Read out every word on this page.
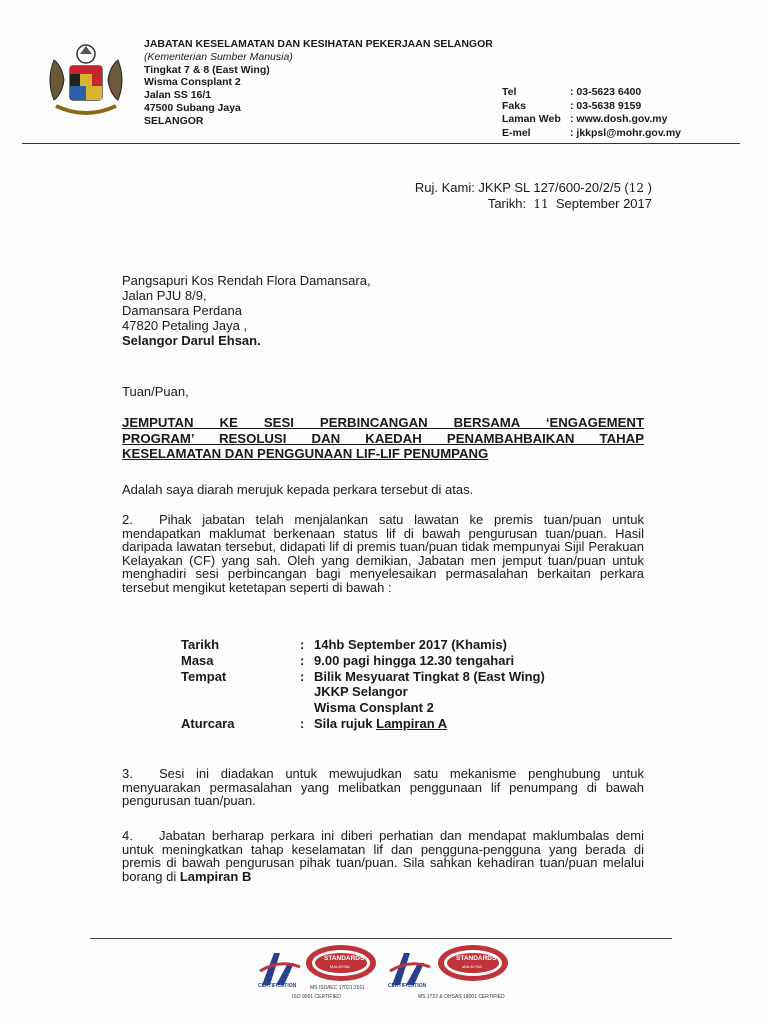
JABATAN KESELAMATAN DAN KESIHATAN PEKERJAAN SELANGOR
(Kementerian Sumber Manusia)
Tingkat 7 & 8 (East Wing)
Wisma Consplant 2
Jalan SS 16/1
47500 Subang Jaya
SELANGOR
Tel	: 03-5623 6400
Faks	: 03-5638 9159
Laman Web : www.dosh.gov.my
E-mel	: jkkpsl@mohr.gov.my
Ruj. Kami: JKKP SL 127/600-20/2/5 (12 )
Tarikh: 11 September 2017
Pangsapuri Kos Rendah Flora Damansara,
Jalan PJU 8/9,
Damansara Perdana
47820 Petaling Jaya ,
Selangor Darul Ehsan.
Tuan/Puan,
JEMPUTAN KE SESI PERBINCANGAN BERSAMA ‘ENGAGEMENT
PROGRAM’ RESOLUSI DAN KAEDAH PENAMBAHBAIKAN TAHAP
KESELAMATAN DAN PENGGUNAAN LIF-LIF PENUMPANG
Adalah saya diarah merujuk kepada perkara tersebut di atas.
2. Pihak jabatan telah menjalankan satu lawatan ke premis tuan/puan untuk mendapatkan maklumat berkenaan status lif di bawah pengurusan tuan/puan. Hasil daripada lawatan tersebut, didapati lif di premis tuan/puan tidak mempunyai Sijil Perakuan Kelayakan (CF) yang sah. Oleh yang demikian, Jabatan men jemput tuan/puan untuk menghadiri sesi perbincangan bagi menyelesaikan permasalahan berkaitan perkara tersebut mengikut ketetapan seperti di bawah :
Tarikh	: 14hb September 2017 (Khamis)
Masa	: 9.00 pagi hingga 12.30 tengahari
Tempat	: Bilik Mesyuarat Tingkat 8 (East Wing)
JKKP Selangor
Wisma Consplant 2
Aturcara	: Sila rujuk Lampiran A
3. Sesi ini diadakan untuk mewujudkan satu mekanisme penghubung untuk menyuarakan permasalahan yang melibatkan penggunaan lif penumpang di bawah pengurusan tuan/puan.
4. Jabatan berharap perkara ini diberi perhatian dan mendapat maklumbalas demi untuk meningkatkan tahap keselamatan lif dan pengguna-pengguna yang berada di premis di bawah pengurusan pihak tuan/puan. Sila sahkan kehadiran tuan/puan melalui borang di Lampiran B
CERTIFICATION
STANDARDS
MALAYSIA
MS ISO/IEC 17021:2011
ISO 9001 CERTIFIED
CERTIFICATION
STANDARDS
MALAYSIA
MS 1722 & OHSAS 18001 CERTIFIED
